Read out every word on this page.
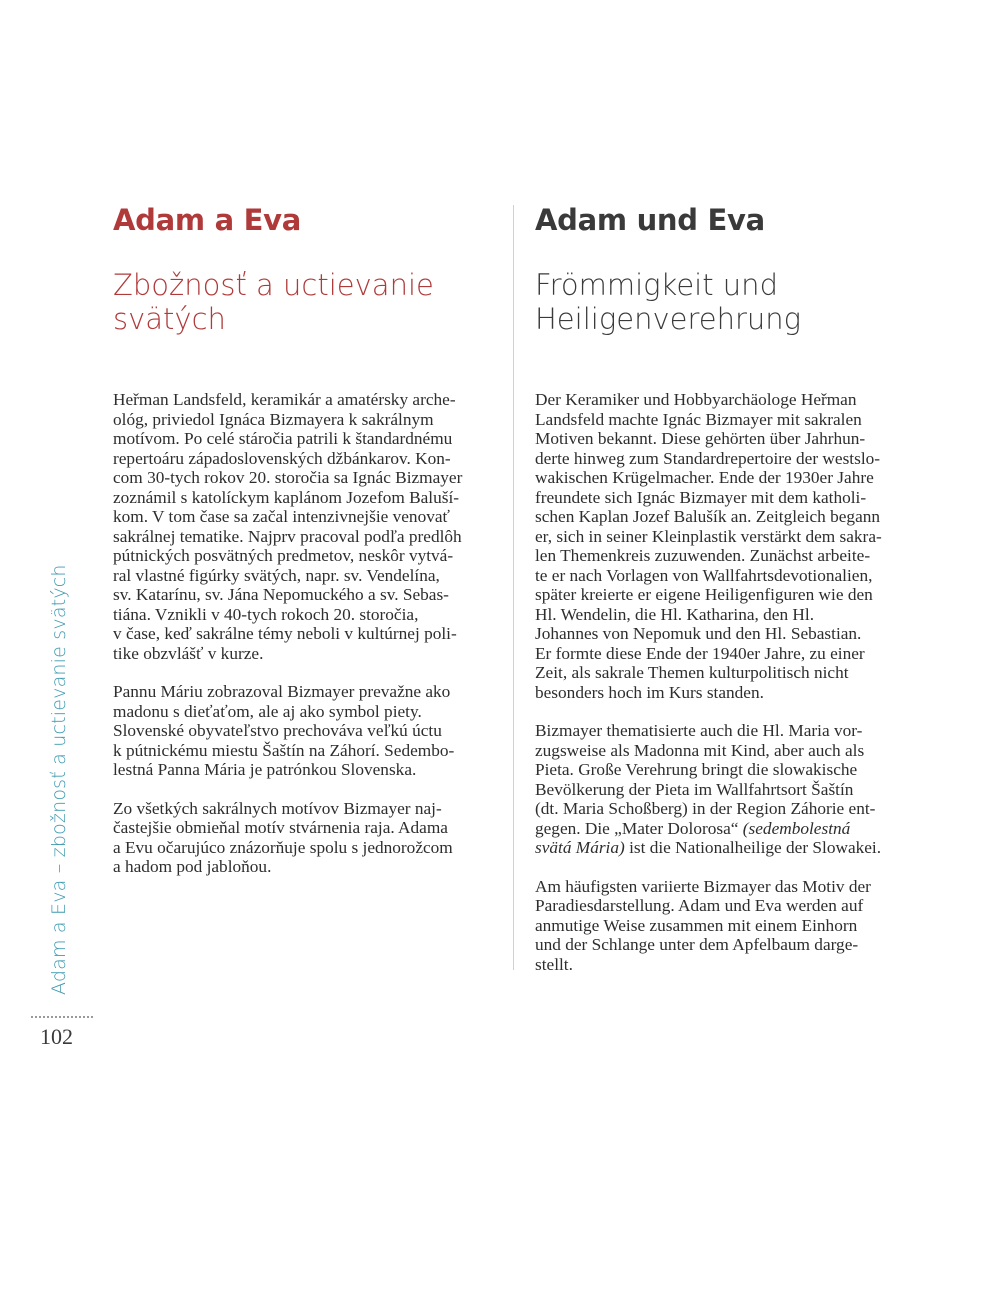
Adam a Eva – zbožnosť a uctievanie svätých
102
Adam a Eva
Zbožnosť a uctievanie
svätých
Adam und Eva
Frömmigkeit und
Heiligenverehrung

Heřman Landsfeld, keramikár a amatérsky arche-
ológ, priviedol Ignáca Bizmayera k sakrálnym
motívom. Po celé stáročia patrili k štandardnému
repertoáru západoslovenských džbánkarov. Kon-
com 30-tych rokov 20. storočia sa Ignác Bizmayer
zoznámil s katolíckym kaplánom Jozefom Baluší-
kom. V tom čase sa začal intenzivnejšie venovať
sakrálnej tematike. Najprv pracoval podľa predlôh
pútnických posvätných predmetov, neskôr vytvá-
ral vlastné figúrky svätých, napr. sv. Vendelína,
sv. Katarínu, sv. Jána Nepomuckého a sv. Sebas-
tiána. Vznikli v 40-tych rokoch 20. storočia,
v čase, keď sakrálne témy neboli v kultúrnej poli-
tike obzvlášť v kurze.

Pannu Máriu zobrazoval Bizmayer prevažne ako
madonu s dieťaťom, ale aj ako symbol piety.
Slovenské obyvateľstvo prechováva veľkú úctu
k pútnickému miestu Šaštín na Záhorí. Sedembo-
lestná Panna Mária je patrónkou Slovenska.

Zo všetkých sakrálnych motívov Bizmayer naj-
častejšie obmieňal motív stvárnenia raja. Adama
a Evu očarujúco znázorňuje spolu s jednorožcom
a hadom pod jabloňou.

Der Keramiker und Hobbyarchäologe Heřman
Landsfeld machte Ignác Bizmayer mit sakralen
Motiven bekannt. Diese gehörten über Jahrhun-
derte hinweg zum Standardrepertoire der westslo-
wakischen Krügelmacher. Ende der 1930er Jahre
freundete sich Ignác Bizmayer mit dem katholi-
schen Kaplan Jozef Balušík an. Zeitgleich begann
er, sich in seiner Kleinplastik verstärkt dem sakra-
len Themenkreis zuzuwenden. Zunächst arbeite-
te er nach Vorlagen von Wallfahrtsdevotionalien,
später kreierte er eigene Heiligenfiguren wie den
Hl. Wendelin, die Hl. Katharina, den Hl.
Johannes von Nepomuk und den Hl. Sebastian.
Er formte diese Ende der 1940er Jahre, zu einer
Zeit, als sakrale Themen kulturpolitisch nicht
besonders hoch im Kurs standen.

Bizmayer thematisierte auch die Hl. Maria vor-
zugsweise als Madonna mit Kind, aber auch als
Pieta. Große Verehrung bringt die slowakische
Bevölkerung der Pieta im Wallfahrtsort Šaštín
(dt. Maria Schoßberg) in der Region Záhorie ent-
gegen. Die „Mater Dolorosa“ (sedembolestná
svätá Mária) ist die Nationalheilige der Slowakei.

Am häufigsten variierte Bizmayer das Motiv der
Paradiesdarstellung. Adam und Eva werden auf
anmutige Weise zusammen mit einem Einhorn
und der Schlange unter dem Apfelbaum darge-
stellt.
